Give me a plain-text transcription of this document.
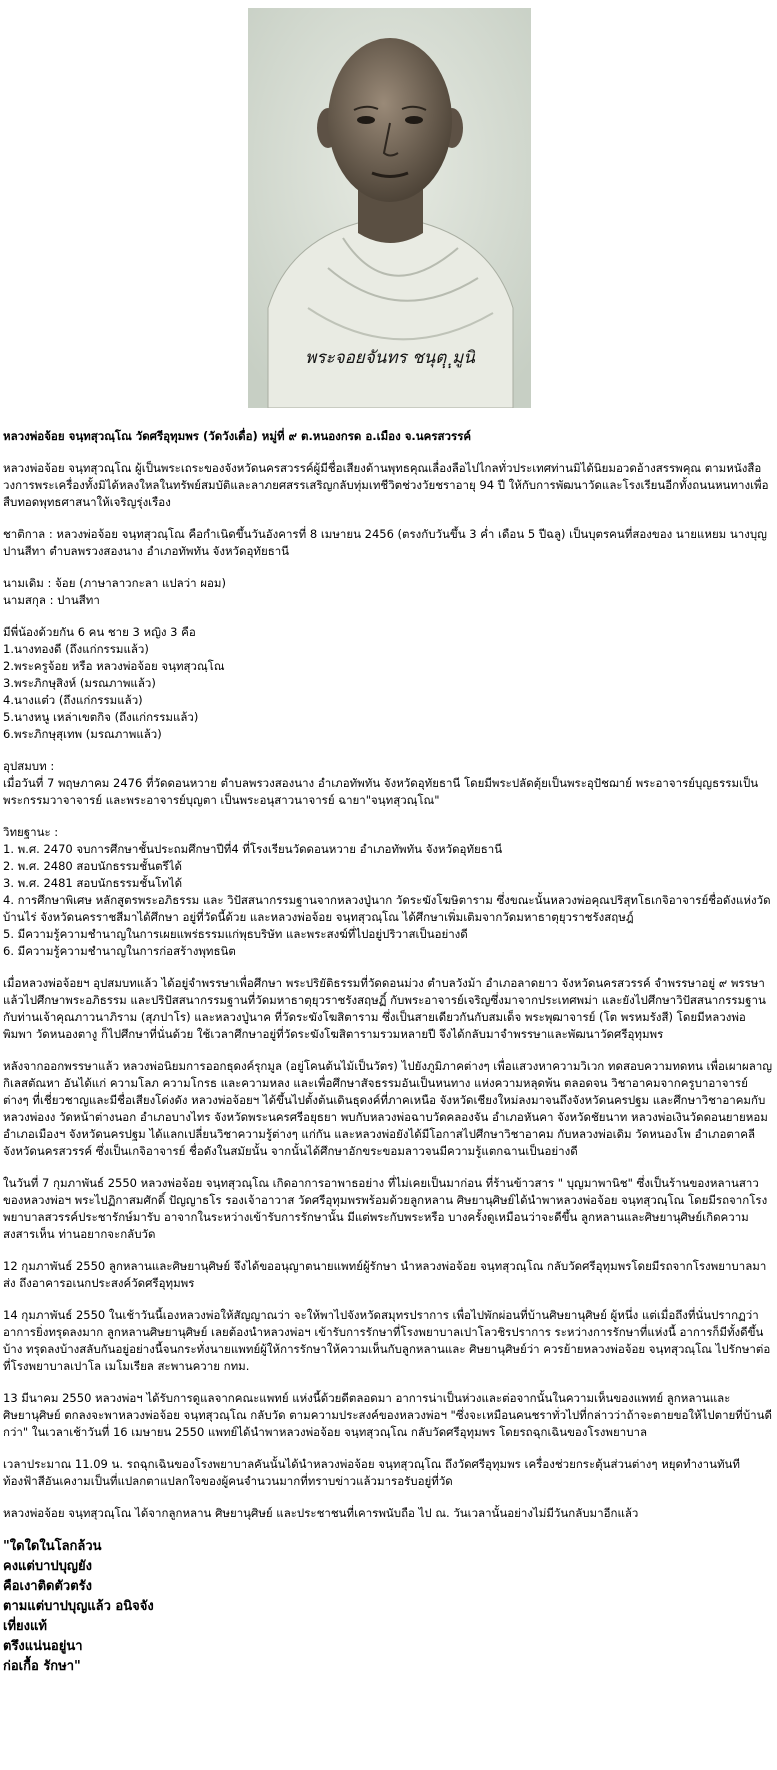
พระจอยจันทร ชนุตฺฺ ฺฺมูนิ
หลวงพ่อจ้อย จนฺทสุวณฺโณ วัดศรีอุทุมพร (วัดวังเดื่อ) หมู่ที่ ๙ ต.หนองกรด อ.เมือง จ.นครสวรรค์

หลวงพ่อจ้อย จนฺทสุวณฺโณ ผู้เป็นพระเถระของจังหวัดนครสวรรค์ผู้มีชื่อเสียงด้านพุทธคุณเลื่องลือไปไกลทั่วประเทศท่านมิได้นิยมอวดอ้างสรรพคุณ ตามหนังสือวงการพระเครื่องทั้งมิได้หลงใหลในทรัพย์สมบัติและลาภยศสรรเสริญกลับทุ่มเทชีวิตช่วงวัยชราอายุ 94 ปี ให้กับการพัฒนาวัดและโรงเรียนอีกทั้งถนนหนทางเพื่อสืบทอดพุทธศาสนาให้เจริญรุ่งเรือง

ชาติกาล : หลวงพ่อจ้อย จนฺทสุวณฺโณ คือกำเนิดขึ้นวันอังคารที่ 8 เมษายน 2456 (ตรงกับวันขึ้น 3 ค่ำ เดือน 5 ปีฉลู) เป็นบุตรคนที่สองของ นายแหยม นางบุญ ปานสีทา ตำบลพรวงสองนาง อำเภอทัพทัน จังหวัดอุทัยธานี

นามเดิม : จ้อย (ภาษาลาวกะลา แปลว่า ผอม)
นามสกุล : ปานสีทา

มีพี่น้องด้วยกัน 6 คน ชาย 3 หญิง 3 คือ
1.นางทองดี (ถึงแก่กรรมแล้ว)
2.พระครูจ้อย หรือ หลวงพ่อจ้อย จนฺทสุวณฺโณ
3.พระภิกษุสิงห์ (มรณภาพแล้ว)
4.นางแต๋ว (ถึงแก่กรรมแล้ว)
5.นางหนู เหล่าเขตกิจ (ถึงแก่กรรมแล้ว)
6.พระภิกษุสุเทพ (มรณภาพแล้ว)

อุปสมบท :
เมื่อวันที่ 7 พฤษภาคม 2476 ที่วัดดอนหวาย ตำบลพรวงสองนาง อำเภอทัพทัน จังหวัดอุทัยธานี โดยมีพระปลัดตุ้ยเป็นพระอุปัชฌาย์ พระอาจารย์บุญธรรมเป็น พระกรรมวาจาจารย์ และพระอาจารย์บุญตา เป็นพระอนุสาวนาจารย์ ฉายา"จนฺทสุวณฺโณ"

วิทยฐานะ :
1. พ.ศ. 2470 จบการศึกษาชั้นประถมศึกษาปีที่4 ที่โรงเรียนวัดดอนหวาย อำเภอทัพทัน จังหวัดอุทัยธานี
2. พ.ศ. 2480 สอบนักธรรมชั้นตรีได้
3. พ.ศ. 2481 สอบนักธรรมชั้นโทได้
4. การศึกษาพิเศษ หลักสูตรพระอภิธรรม และ วิปัสสนากรรมฐานจากหลวงปู่นาก วัดระฆังโฆษิตาราม ซึ่งขณะนั้นหลวงพ่อคุณปริสุทโธเกจิอาจารย์ชื่อดังแห่งวัดบ้านไร่ จังหวัดนครราชสีมาได้ศึกษา อยู่ที่วัดนี้ด้วย และหลวงพ่อจ้อย จนฺทสุวณฺโณ ได้ศึกษาเพิ่มเติมจากวัดมหาธาตุยุวราชรังสฤษฎ์
5. มีความรู้ความชำนาญในการเผยแพร่ธรรมแก่พุธบริษัท และพระสงฆ์ที่ไปอยู่ปริวาสเป็นอย่างดี
6. มีความรู้ความชำนาญในการก่อสร้างพุทธนิต

เมื่อหลวงพ่อจ้อยฯ อุปสมบทแล้ว ได้อยู่จำพรรษาเพื่อศึกษา พระปริยัติธรรมที่วัดดอนม่วง ตำบลวังม้า อำเภอลาดยาว จังหวัดนครสวรรค์ จำพรรษาอยู่ ๙ พรรษา แล้วไปศึกษาพระอภิธรรม และปริปัสสนากรรมฐานที่วัดมหาธาตุยุวราชรังสฤษฏิ์ กับพระอาจารย์เจริญซึ่งมาจากประเทศพม่า และยังไปศึกษาวิปัสสนากรรมฐาน กับท่านเจ้าคุณภาวนาภิราม (สุภปาโร) และหลวงปู่นาค ที่วัดระฆังโฆสิตาราม ซึ่งเป็นสายเดียวกันกับสมเด็จ พระพุฒาจารย์ (โต พรหมรังสี) โดยมีหลวงพ่อพิมพา วัดหนองตางู ก็ไปศึกษาที่นั่นด้วย ใช้เวลาศึกษาอยู่ที่วัดระฆังโฆสิตารามรวมหลายปี จึงได้กลับมาจำพรรษาและพัฒนาวัดศรีอุทุมพร

หลังจากออกพรรษาแล้ว หลวงพ่อนิยมการออกธุดงค์รุกมูล (อยู่โคนต้นไม้เป็นวัตร) ไปยังภูมิภาคต่างๆ เพื่อแสวงหาความวิเวก ทดสอบความทดทน เพื่อเผาผลาญกิเลสตัณหา อันได้แก่ ความโลภ ความโกรธ และความหลง และเพื่อศึกษาสัจธรรมอันเป็นหนทาง แห่งความหลุดพ้น ตลอดจน วิชาอาคมจากครูบาอาจารย์ ต่างๆ ที่เชี่ยวชาญและมีชื่อเสียงโด่งดัง หลวงพ่อจ้อยฯ ได้ขึ้นไปตั้งต้นเดินธุดงค์ที่ภาคเหนือ จังหวัดเชียงใหม่ลงมาจนถึงจังหวัดนครปฐม และศึกษาวิชาอาคมกับหลวงพ่องง วัดหน้าต่างนอก อำเภอบางไทร จังหวัดพระนครศรีอยุธยา พบกับหลวงพ่อฉาบวัดคลองจัน อำเภอหันคา จังหวัดชัยนาท หลวงพ่อเงินวัดดอนยายหอม อำเภอเมืองฯ จังหวัดนครปฐม ได้แลกเปลี่ยนวิชาความรู้ต่างๆ แก่กัน และหลวงพ่อยังได้มีโอกาสไปศึกษาวิชาอาคม กับหลวงพ่อเดิม วัดหนองโพ อำเภอตาคลี จังหวัดนครสวรรค์ ซึ่งเป็นเกจิอาจารย์ ชื่อดังในสมัยนั้น จากนั้นได้ศึกษาอักขระขอมลาวจนมีความรู้แตกฉานเป็นอย่างดี

ในวันที่ 7 กุมภาพันธ์ 2550 หลวงพ่อจ้อย จนฺทสุวณฺโณ เกิดอาการอาพาธอย่าง ที่ไม่เคยเป็นมาก่อน ที่ร้านข้าวสาร " บุญมาพานิช" ซึ่งเป็นร้านของหลานสาวของหลวงพ่อฯ พระไปฏิกาสมศักดิ์ ปัญญาธโร รองเจ้าอาวาส วัดศรีอุทุมพรพร้อมด้วยลูกหลาน ศิษยานุศิษย์ได้นำพาหลวงพ่อจ้อย จนฺทสุวณฺโณ โดยมีรถจากโรงพยาบาลสวรรค์ประชารักษ์มารับ อาจากในระหว่างเข้ารับการรักษานั้น มีแต่พระกับพระหรือ บางครั้งดูเหมือนว่าจะดีขึ้น ลูกหลานและศิษยานุศิษย์เกิดความสงสารเห็น ท่านอยากจะกลับวัด

12 กุมภาพันธ์ 2550 ลูกหลานและศิษยานุศิษย์ จึงได้ขออนุญาตนายแพทย์ผู้รักษา นำหลวงพ่อจ้อย จนฺทสุวณฺโณ กลับวัดศรีอุทุมพรโดยมีรถจากโรงพยาบาลมาส่ง ถึงอาคารอเนกประสงค์วัดศรีอุทุมพร

14 กุมภาพันธ์ 2550 ในเช้าวันนี้เองหลวงพ่อให้สัญญาณว่า จะให้พาไปจังหวัดสมุทรปราการ เพื่อไปพักผ่อนที่บ้านศิษยานุศิษย์ ผู้หนึ่ง แต่เมื่อถึงที่นั่นปรากฏว่าอาการยิ่งทรุดลงมาก ลูกหลานศิษยานุศิษย์ เลยต้องนำหลวงพ่อฯ เข้ารับการรักษาที่โรงพยาบาลเปาโลวชิรปราการ ระหว่างการรักษาที่แห่งนี้ อาการก็มีทั้งดีขึ้นบ้าง ทรุดลงบ้างสลับกันอยู่อย่างนี้จนกระทั่งนายแพทย์ผู้ให้การรักษาให้ความเห็นกับลูกหลานและ ศิษยานุศิษย์ว่า ควรย้ายหลวงพ่อจ้อย จนฺทสุวณฺโณ ไปรักษาต่อที่โรงพยาบาลเปาโล เมโมเรียล สะพานควาย กทม.

13 มีนาคม 2550 หลวงพ่อฯ ได้รับการดูแลจากคณะแพทย์ แห่งนี้ด้วยดีตลอดมา อาการน่าเป็นห่วงและต่อจากนั้นในความเห็นของแพทย์ ลูกหลานและศิษยานุศิษย์ ตกลงจะพาหลวงพ่อจ้อย จนฺทสุวณฺโณ กลับวัด ตามความประสงค์ของหลวงพ่อฯ "ซึ่งจะเหมือนคนชราทั่วไปที่กล่าวว่าถ้าจะตายขอให้ไปตายที่บ้านดีกว่า" ในเวลาเช้าวันที่ 16 เมษายน 2550 แพทย์ได้นำพาหลวงพ่อจ้อย จนฺทสุวณฺโณ กลับวัดศรีอุทุมพร โดยรถฉุกเฉินของโรงพยาบาล

เวลาประมาณ 11.09 น. รถฉุกเฉินของโรงพยาบาลคันนั้นได้นำหลวงพ่อจ้อย จนฺทสุวณฺโณ ถึงวัดศรีอุทุมพร เครื่องช่วยกระตุ้นส่วนต่างๆ หยุดทำงานทันที ท้องฟ้าสีอันเคงามเป็นที่แปลกตาแปลกใจของผู้คนจำนวนมากที่ทราบข่าวแล้วมารอรับอยู่ที่วัด

หลวงพ่อจ้อย จนฺทสุวณฺโณ ได้จากลูกหลาน ศิษยานุศิษย์ และประชาชนที่เคารพนับถือ ไป ณ. วันเวลานั้นอย่างไม่มีวันกลับมาอีกแล้ว

"ใดใดในโลกล้วน
คงแต่บาปบุญยัง
คือเงาติดตัวตรัง
ตามแต่บาปบุญแล้ว อนิจจัง
เที่ยงแท้
ตรึงแน่นอยู่นา
ก่อเกื้อ รักษา"
